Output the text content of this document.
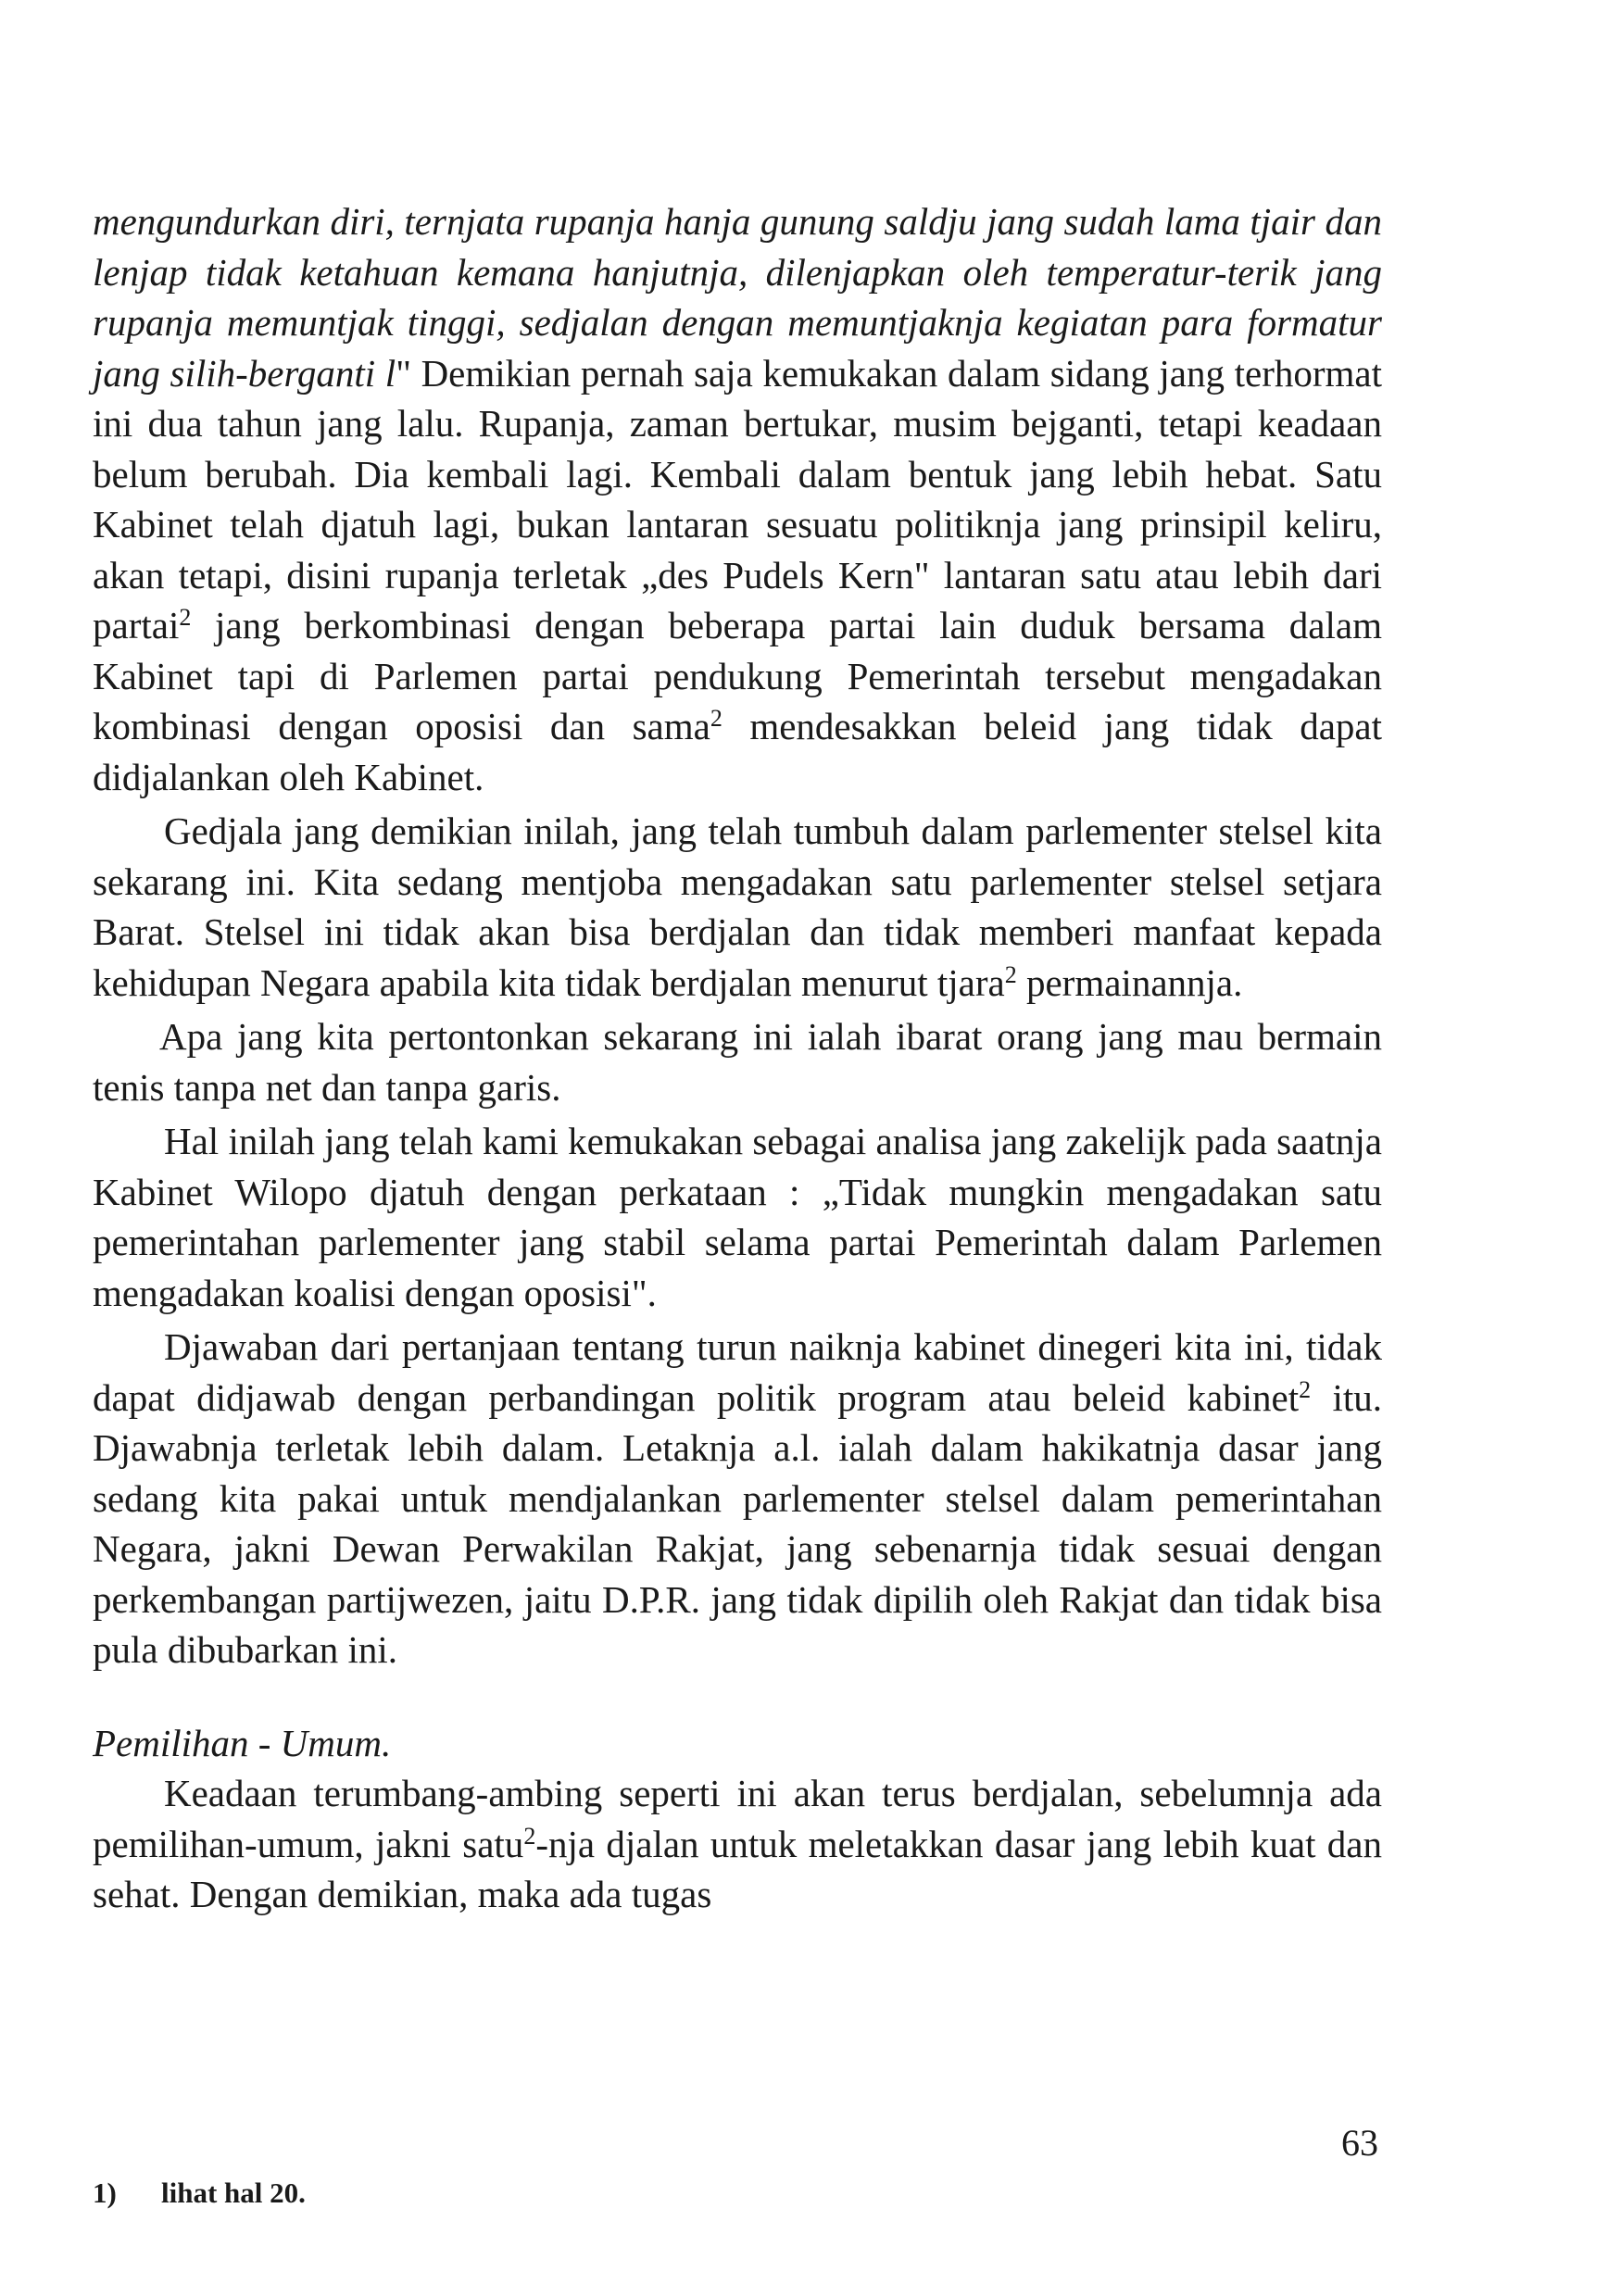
mengundurkan diri, ternjata rupanja hanja gunung saldju jang sudah lama tjair dan lenjap tidak ketahuan kemana hanjutnja, dilenjapkan oleh temperatur-terik jang rupanja memuntjak tinggi, sedjalan dengan memuntjaknja kegiatan para formatur jang silih-berganti l" Demikian pernah saja kemukakan dalam sidang jang terhormat ini dua tahun jang lalu. Rupanja, zaman bertukar, musim bejganti, tetapi keadaan belum berubah. Dia kembali lagi. Kembali dalam bentuk jang lebih hebat. Satu Kabinet telah djatuh lagi, bukan lantaran sesuatu politiknja jang prinsipil keliru, akan tetapi, disini rupanja terletak „des Pudels Kern" lantaran satu atau lebih dari partai$^2$ jang berkombinasi dengan beberapa partai lain duduk bersama dalam Kabinet tapi di Parlemen partai pendukung Pemerintah tersebut mengadakan kombinasi dengan oposisi dan sama$^2$ mendesakkan beleid jang tidak dapat didjalankan oleh Kabinet.

Gedjala jang demikian inilah, jang telah tumbuh dalam parlementer stelsel kita sekarang ini. Kita sedang mentjoba mengadakan satu parlementer stelsel setjara Barat. Stelsel ini tidak akan bisa berdjalan dan tidak memberi manfaat kepada kehidupan Negara apabila kita tidak berdjalan menurut tjara$^2$ permainannja.

Apa jang kita pertontonkan sekarang ini ialah ibarat orang jang mau bermain tenis tanpa net dan tanpa garis.

Hal inilah jang telah kami kemukakan sebagai analisa jang zakelijk pada saatnja Kabinet Wilopo djatuh dengan perkataan : „Tidak mungkin mengadakan satu pemerintahan parlementer jang stabil selama partai Pemerintah dalam Parlemen mengadakan koalisi dengan oposisi".

Djawaban dari pertanjaan tentang turun naiknja kabinet dinegeri kita ini, tidak dapat didjawab dengan perbandingan politik program atau beleid kabinet$^2$ itu. Djawabnja terletak lebih dalam. Letaknja a.l. ialah dalam hakikatnja dasar jang sedang kita pakai untuk mendjalankan parlementer stelsel dalam pemerintahan Negara, jakni Dewan Perwakilan Rakjat, jang sebenarnja tidak sesuai dengan perkembangan partijwezen, jaitu D.P.R. jang tidak dipilih oleh Rakjat dan tidak bisa pula dibubarkan ini.

Pemilihan - Umum.

Keadaan terumbang-ambing seperti ini akan terus berdjalan, sebelumnja ada pemilihan-umum, jakni satu$^2$-nja djalan untuk meletakkan dasar jang lebih kuat dan sehat. Dengan demikian, maka ada tugas

63
1) lihat hal 20.
